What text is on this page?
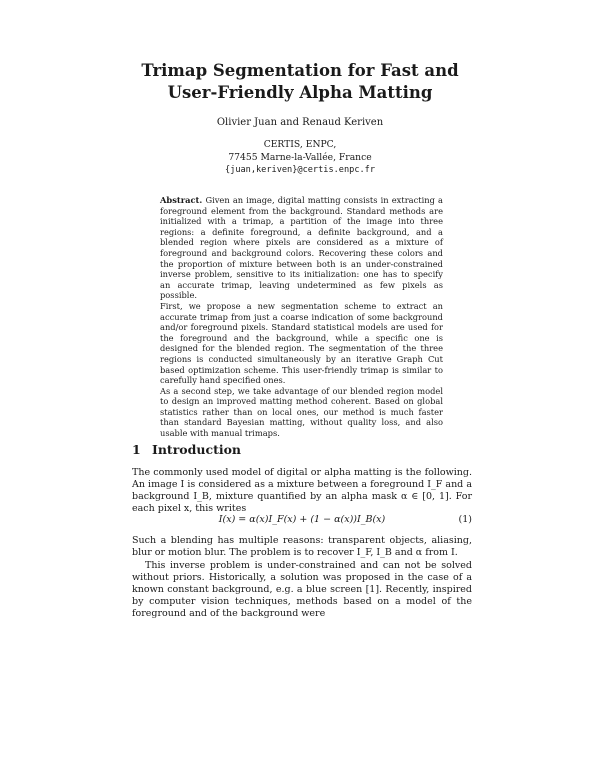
Trimap Segmentation for Fast and
User-Friendly Alpha Matting
Olivier Juan and Renaud Keriven
CERTIS, ENPC,
77455 Marne-la-Vallée, France
{juan,keriven}@certis.enpc.fr

Abstract. Given an image, digital matting consists in extracting a foreground element from the background. Standard methods are initialized with a trimap, a partition of the image into three regions: a definite foreground, a definite background, and a blended region where pixels are considered as a mixture of foreground and background colors. Recovering these colors and the proportion of mixture between both is an under-constrained inverse problem, sensitive to its initialization: one has to specify an accurate trimap, leaving undetermined as few pixels as possible.

First, we propose a new segmentation scheme to extract an accurate trimap from just a coarse indication of some background and/or foreground pixels. Standard statistical models are used for the foreground and the background, while a specific one is designed for the blended region. The segmentation of the three regions is conducted simultaneously by an iterative Graph Cut based optimization scheme. This user-friendly trimap is similar to carefully hand specified ones.

As a second step, we take advantage of our blended region model to design an improved matting method coherent. Based on global statistics rather than on local ones, our method is much faster than standard Bayesian matting, without quality loss, and also usable with manual trimaps.

1 Introduction

The commonly used model of digital or alpha matting is the following. An image I is considered as a mixture between a foreground I_F and a background I_B, mixture quantified by an alpha mask α ∈ [0, 1]. For each pixel x, this writes

I(x) = α(x)I_F(x) + (1 − α(x))I_B(x)	(1)

Such a blending has multiple reasons: transparent objects, aliasing, blur or motion blur. The problem is to recover I_F, I_B and α from I.

This inverse problem is under-constrained and can not be solved without priors. Historically, a solution was proposed in the case of a known constant background, e.g. a blue screen [1]. Recently, inspired by computer vision techniques, methods based on a model of the foreground and of the background were
